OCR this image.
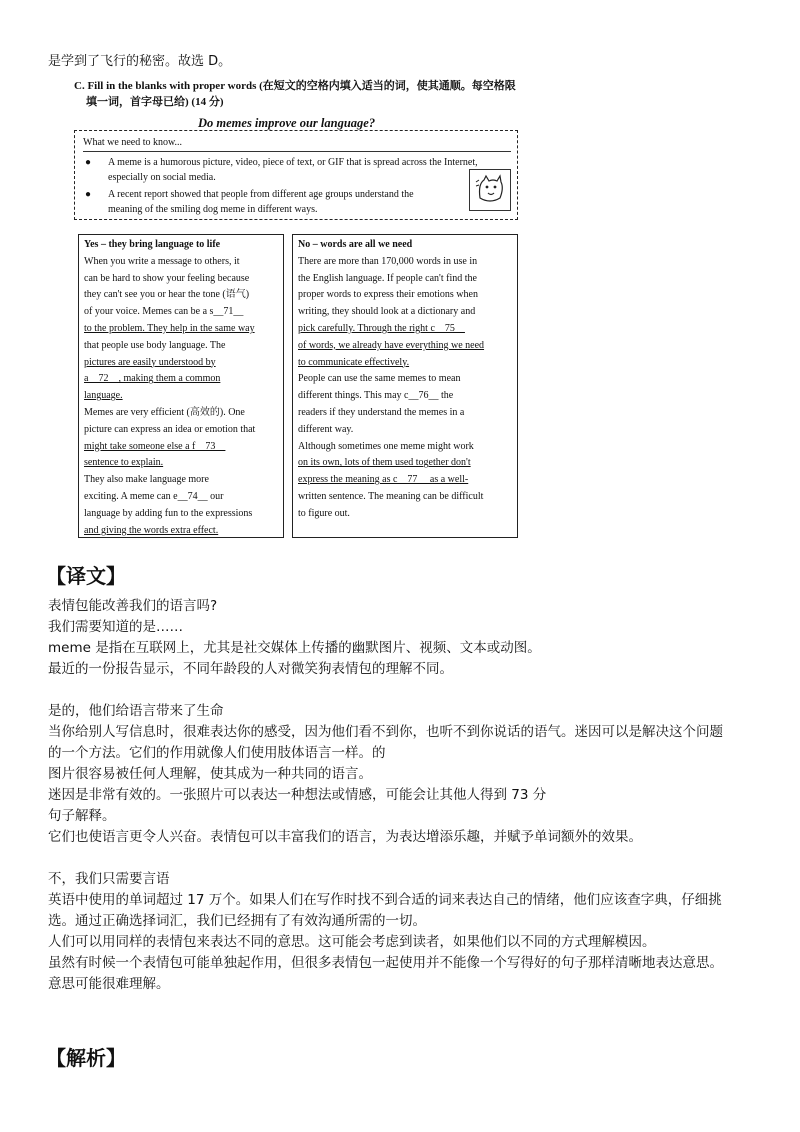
是学到了飞行的秘密。故选 D。
C. Fill in the blanks with proper words (在短文的空格内填入适当的词，使其通顺。每空格限
填一词，首字母已给) (14 分)
Do memes improve our language?
What we need to know...
●	A meme is a humorous picture, video, piece of text, or GIF that is spread across the Internet,
especially on social media.
●	A recent report showed that people from different age groups understand the
meaning of the smiling dog meme in different ways.
Yes – they bring language to life
When you write a message to others, it
can be hard to show your feeling because
they can't see you or hear the tone (语气)
of your voice. Memes can be a s__71__
to the problem. They help in the same way
that people use body language. The
pictures are easily understood by
a__72__, making them a common
language.
Memes are very efficient (高效的). One
picture can express an idea or emotion that
might take someone else a f__73__
sentence to explain.
They also make language more
exciting. A meme can e__74__ our
language by adding fun to the expressions
and giving the words extra effect.
No – words are all we need
There are more than 170,000 words in use in
the English language. If people can't find the
proper words to express their emotions when
writing, they should look at a dictionary and
pick carefully. Through the right c__75__
of words, we already have everything we need
to communicate effectively.
People can use the same memes to mean
different things. This may c__76__ the
readers if they understand the memes in a
different way.
Although sometimes one meme might work
on its own, lots of them used together don't
express the meaning as c__77__ as a well-
written sentence. The meaning can be difficult
to figure out.
【译文】
表情包能改善我们的语言吗?
我们需要知道的是……
meme 是指在互联网上，尤其是社交媒体上传播的幽默图片、视频、文本或动图。
最近的一份报告显示，不同年龄段的人对微笑狗表情包的理解不同。
是的，他们给语言带来了生命
当你给别人写信息时，很难表达你的感受，因为他们看不到你，也听不到你说话的语气。迷因可以是解决这个问题
的一个方法。它们的作用就像人们使用肢体语言一样。的
图片很容易被任何人理解，使其成为一种共同的语言。
迷因是非常有效的。一张照片可以表达一种想法或情感，可能会让其他人得到 73 分
句子解释。
它们也使语言更令人兴奋。表情包可以丰富我们的语言，为表达增添乐趣，并赋予单词额外的效果。
不，我们只需要言语
英语中使用的单词超过 17 万个。如果人们在写作时找不到合适的词来表达自己的情绪，他们应该查字典，仔细挑
选。通过正确选择词汇，我们已经拥有了有效沟通所需的一切。
人们可以用同样的表情包来表达不同的意思。这可能会考虑到读者，如果他们以不同的方式理解模因。
虽然有时候一个表情包可能单独起作用，但很多表情包一起使用并不能像一个写得好的句子那样清晰地表达意思。
意思可能很难理解。
【解析】
